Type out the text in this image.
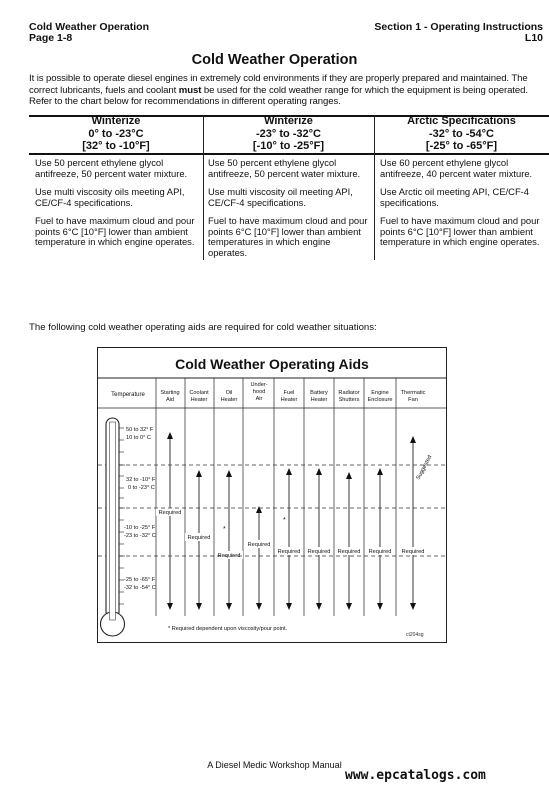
Cold Weather Operation
Page 1-8
Section 1 - Operating Instructions
L10
Cold Weather Operation
It is possible to operate diesel engines in extremely cold environments if they are properly prepared and maintained. The correct lubricants, fuels and coolant must be used for the cold weather range for which the equipment is being operated. Refer to the chart below for recommendations in different operating ranges.
Winterize
0° to -23°C
[32° to -10°F]
Winterize
-23° to -32°C
[-10° to -25°F]
Arctic Specifications
-32° to -54°C
[-25° to -65°F]

Use 50 percent ethylene glycol antifreeze, 50 percent water mixture.

Use multi viscosity oils meeting API, CE/CF-4 specifications.

Fuel to have maximum cloud and pour points 6°C [10°F] lower than ambient temperature in which engine operates.

Use 50 percent ethylene glycol antifreeze, 50 percent water mixture.

Use multi viscosity oil meeting API, CE/CF-4 specifications.

Fuel to have maximum cloud and pour points 6°C [10°F] lower than ambient temperatures in which engine operates.

Use 60 percent ethylene glycol antifreeze, 40 percent water mixture.

Use Arctic oil meeting API, CE/CF-4 specifications.

Fuel to have maximum cloud and pour points 6°C [10°F] lower than ambient temperature in which engine operates.

The following cold weather operating aids are required for cold weather situations:
Cold Weather Operating Aids
Temperature	Starting Aid
Coolant Heater
Oil Heater
Under-hood Air
Fuel Heater
Battery Heater
Radiator Shutters
Engine Enclosure
Thermatic Fan
Required
Required
Required
*
Required
Required
*
Required Required Required Required
Suggested
50 to 32° F
10 to 0° C
32 to -10° F
0 to -23° C
-10 to -25° F
-23 to -32° C
-25 to -65° F
-32 to -54° C
* Required dependent upon viscosity/pour point.
ct204sg
A Diesel Medic Workshop Manual
www.epcatalogs.com
